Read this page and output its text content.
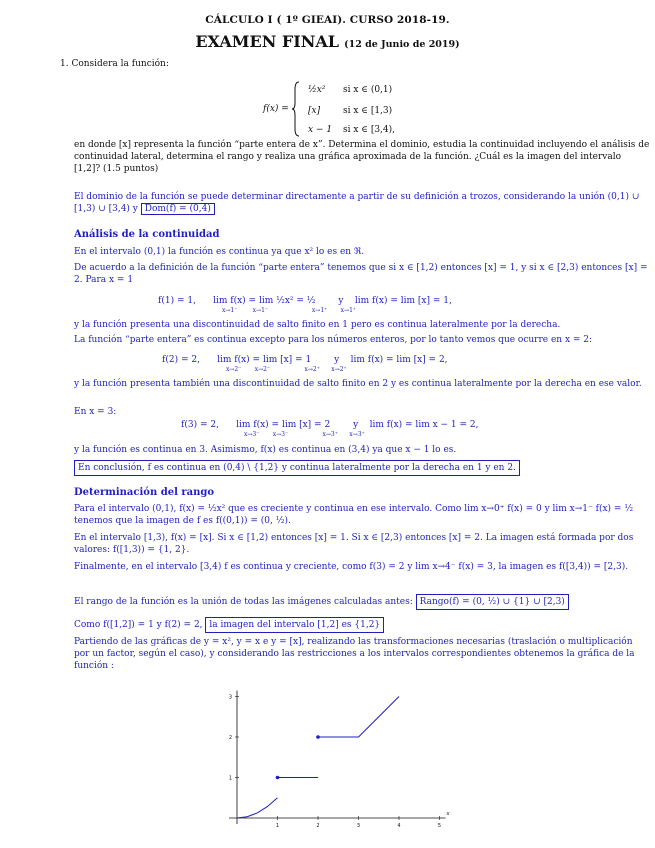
CÁLCULO I ( 1º GIEAI). CURSO 2018-19.
EXAMEN FINAL (12 de Junio de 2019)
1. Considera la función:
f(x) =
½x² si x ∈ (0,1)
[x]	si x ∈ [1,3)
x − 1 si x ∈ [3,4),
en donde [x] representa la función “parte entera de x”. Determina el dominio, estudia la continuidad incluyendo el análisis de continuidad lateral, determina el rango y realiza una gráfica aproximada de la función. ¿Cuál es la imagen del intervalo [1,2]? (1.5 puntos)
El dominio de la función se puede determinar directamente a partir de su definición a trozos, considerando la unión (0,1) ∪ [1,3) ∪ [3,4) y Dom(f) = (0,4)
Análisis de la continuidad
En el intervalo (0,1) la función es continua ya que x² lo es en ℜ.
De acuerdo a la definición de la función “parte entera” tenemos que si x ∈ [1,2) entonces [x] = 1, y si x ∈ [2,3) entonces [x] = 2. Para x = 1
f(1) = 1,      lim f(x) = lim ½x² = ½        y    lim f(x) = lim [x] = 1,
x→1⁻        x→1⁻                       x→1⁺       x→1⁺
y la función presenta una discontinuidad de salto finito en 1 pero es continua lateralmente por la derecha.
La función “parte entera” es continua excepto para los números enteros, por lo tanto vemos que ocurre en x = 2:
f(2) = 2,      lim f(x) = lim [x] = 1        y    lim f(x) = lim [x] = 2,
x→2⁻       x→2⁻                  x→2⁺      x→2⁺
y la función presenta también una discontinuidad de salto finito en 2 y es continua lateralmente por la derecha en ese valor.
En x = 3:
f(3) = 2,      lim f(x) = lim [x] = 2        y    lim f(x) = lim x − 1 = 2,
x→3⁻       x→3⁻                  x→3⁺      x→3⁺
y la función es continua en 3. Asimismo, f(x) es continua en (3,4) ya que x − 1 lo es.
En conclusión, f es continua en (0,4) \ {1,2} y continua lateralmente por la derecha en 1 y en 2.
Determinación del rango
Para el intervalo (0,1), f(x) = ½x² que es creciente y continua en ese intervalo. Como lim x→0⁺ f(x) = 0 y lim x→1⁻ f(x) = ½ tenemos que la imagen de f es f((0,1)) = (0, ½).
En el intervalo [1,3), f(x) = [x]. Si x ∈ [1,2) entonces [x] = 1. Si x ∈ [2,3) entonces [x] = 2. La imagen está formada por dos valores: f([1,3)) = {1, 2}.
Finalmente, en el intervalo [3,4) f es continua y creciente, como f(3) = 2 y lim x→4⁻ f(x) = 3, la imagen es f([3,4)) = [2,3).
El rango de la función es la unión de todas las imágenes calculadas antes: Rango(f) = (0, ½) ∪ {1} ∪ [2,3)
Como f([1,2]) = 1 y f(2) = 2, la imagen del intervalo [1,2] es {1,2}
Partiendo de las gráficas de y = x², y = x e y = [x], realizando las transformaciones necesarias (traslación o multiplicación por un factor, según el caso), y considerando las restricciones a los intervalos correspondientes obtenemos la gráfica de la función :
1	2	3	4	5
1
2
3
x
